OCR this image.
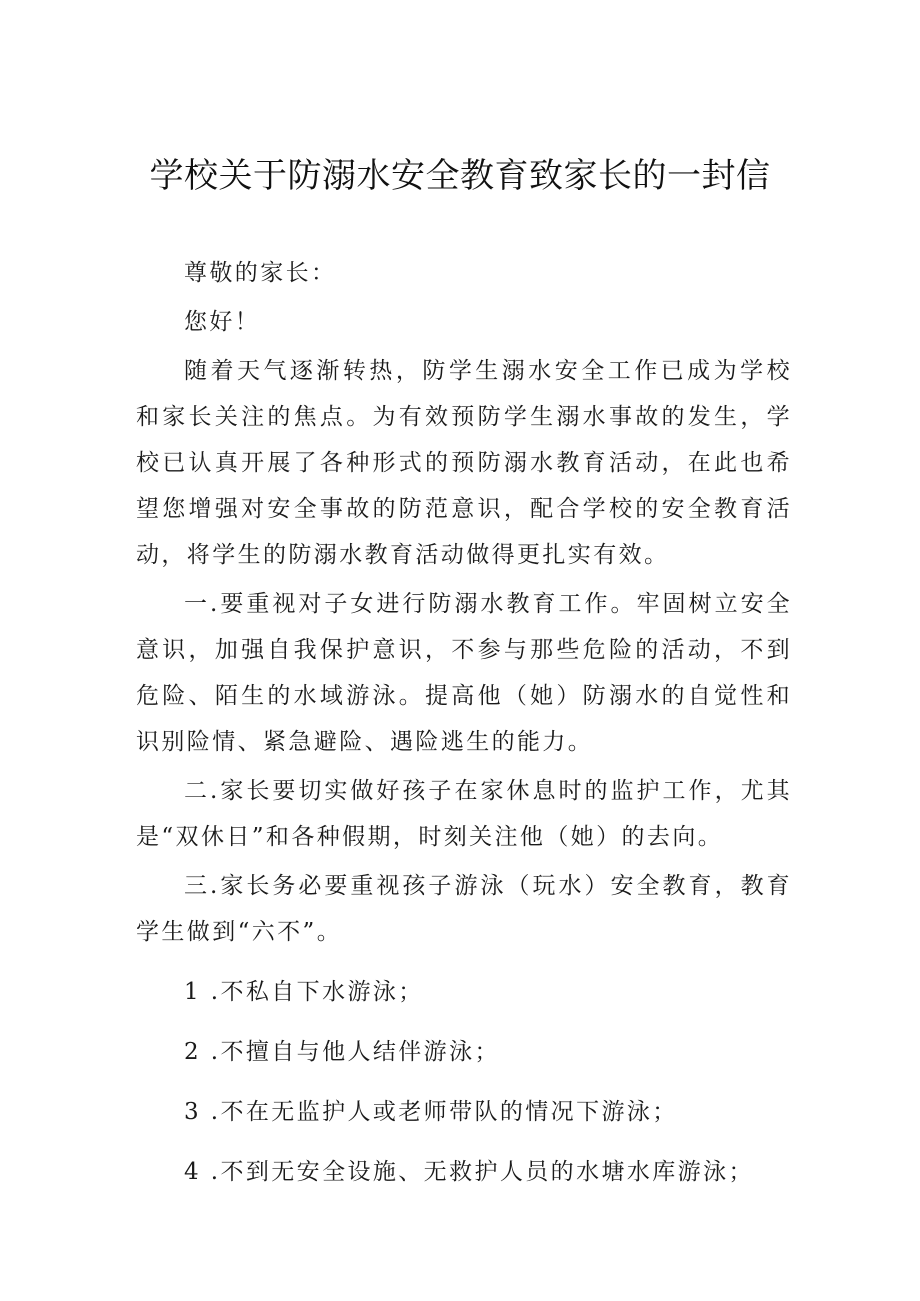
学校关于防溺水安全教育致家长的一封信

尊敬的家长：

您好！

随着天气逐渐转热，防学生溺水安全工作已成为学校和家长关注的焦点。为有效预防学生溺水事故的发生，学校已认真开展了各种形式的预防溺水教育活动，在此也希望您增强对安全事故的防范意识，配合学校的安全教育活动，将学生的防溺水教育活动做得更扎实有效。

一.要重视对子女进行防溺水教育工作。牢固树立安全意识，加强自我保护意识，不参与那些危险的活动，不到危险、陌生的水域游泳。提高他（她）防溺水的自觉性和识别险情、紧急避险、遇险逃生的能力。

二.家长要切实做好孩子在家休息时的监护工作，尤其是“双休日”和各种假期，时刻关注他（她）的去向。

三.家长务必要重视孩子游泳（玩水）安全教育，教育学生做到“六不”。

1 .不私自下水游泳；
2 .不擅自与他人结伴游泳；
3 .不在无监护人或老师带队的情况下游泳；
4 .不到无安全设施、无救护人员的水塘水库游泳；
